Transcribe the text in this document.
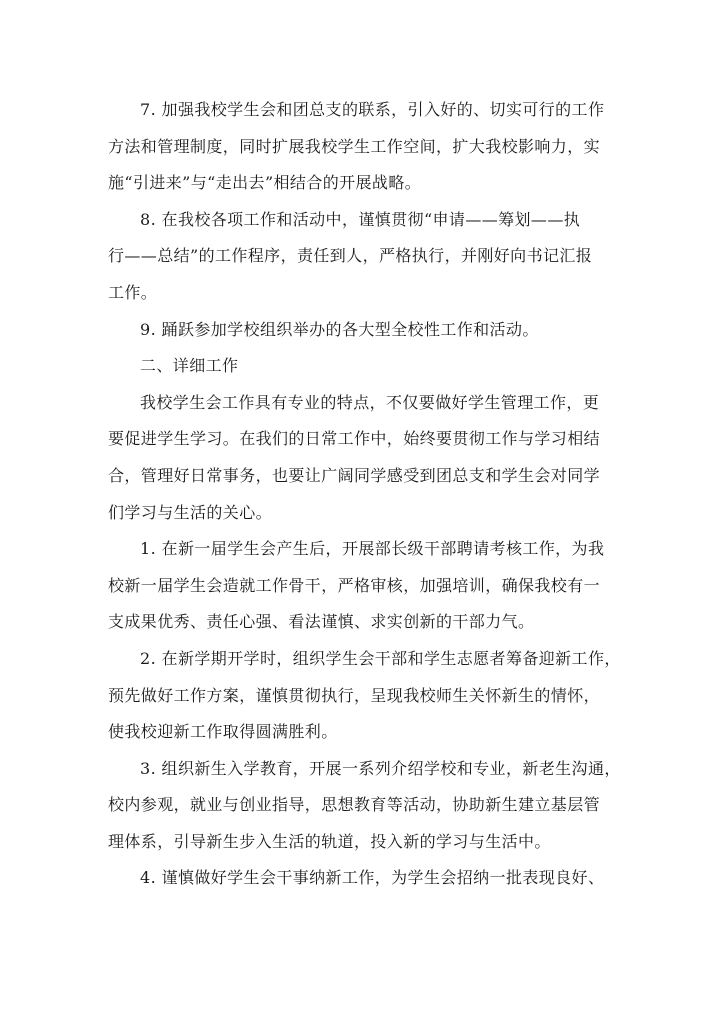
7. 加强我校学生会和团总支的联系，引入好的、切实可行的工作
方法和管理制度，同时扩展我校学生工作空间，扩大我校影响力，实
施“引进来”与“走出去”相结合的开展战略。
8. 在我校各项工作和活动中，谨慎贯彻“申请——筹划——执
行——总结”的工作程序，责任到人，严格执行，并刚好向书记汇报
工作。
9. 踊跃参加学校组织举办的各大型全校性工作和活动。
二、详细工作
我校学生会工作具有专业的特点，不仅要做好学生管理工作，更
要促进学生学习。在我们的日常工作中，始终要贯彻工作与学习相结
合，管理好日常事务，也要让广阔同学感受到团总支和学生会对同学
们学习与生活的关心。
1. 在新一届学生会产生后，开展部长级干部聘请考核工作，为我
校新一届学生会造就工作骨干，严格审核，加强培训，确保我校有一
支成果优秀、责任心强、看法谨慎、求实创新的干部力气。
2. 在新学期开学时，组织学生会干部和学生志愿者筹备迎新工作，
预先做好工作方案，谨慎贯彻执行，呈现我校师生关怀新生的情怀，
使我校迎新工作取得圆满胜利。
3. 组织新生入学教育，开展一系列介绍学校和专业，新老生沟通，
校内参观，就业与创业指导，思想教育等活动，协助新生建立基层管
理体系，引导新生步入生活的轨道，投入新的学习与生活中。
4. 谨慎做好学生会干事纳新工作，为学生会招纳一批表现良好、
